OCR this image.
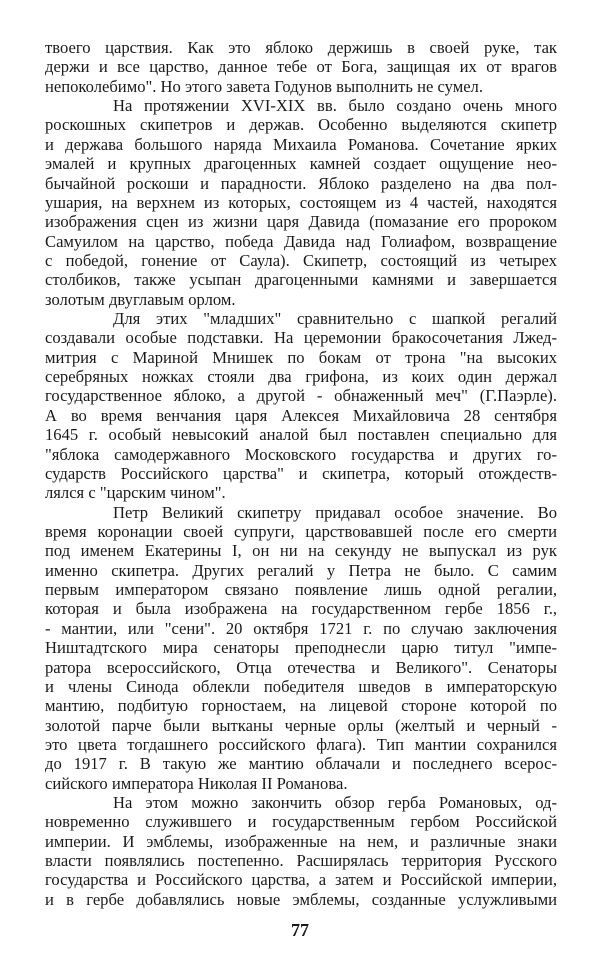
твоего царствия. Как это яблоко держишь в своей руке, так
держи и все царство, данное тебе от Бога, защищая их от врагов
непоколебимо". Но этого завета Годунов выполнить не сумел.
На протяжении XVI-XIX вв. было создано очень много
роскошных скипетров и держав. Особенно выделяются скипетр
и держава большого наряда Михаила Романова. Сочетание ярких
эмалей и крупных драгоценных камней создает ощущение нео-
бычайной роскоши и парадности. Яблоко разделено на два пол-
ушария, на верхнем из которых, состоящем из 4 частей, находятся
изображения сцен из жизни царя Давида (помазание его пророком
Самуилом на царство, победа Давида над Голиафом, возвращение
с победой, гонение от Саула). Скипетр, состоящий из четырех
столбиков, также усыпан драгоценными камнями и завершается
золотым двуглавым орлом.
Для этих "младших" сравнительно с шапкой регалий
создавали особые подставки. На церемонии бракосочетания Лжед-
митрия с Мариной Мнишек по бокам от трона "на высоких
серебряных ножках стояли два грифона, из коих один держал
государственное яблоко, а другой - обнаженный меч" (Г.Паэрле).
А во время венчания царя Алексея Михайловича 28 сентября
1645 г. особый невысокий аналой был поставлен специально для
"яблока самодержавного Московского государства и других го-
сударств Российского царства" и скипетра, который отождеств-
лялся с "царским чином".
Петр Великий скипетру придавал особое значение. Во
время коронации своей супруги, царствовавшей после его смерти
под именем Екатерины I, он ни на секунду не выпускал из рук
именно скипетра. Других регалий у Петра не было. С самим
первым императором связано появление лишь одной регалии,
которая и была изображена на государственном гербе 1856 г.,
- мантии, или "сени". 20 октября 1721 г. по случаю заключения
Ништадтского мира сенаторы преподнесли царю титул "импе-
ратора всероссийского, Отца отечества и Великого". Сенаторы
и члены Синода облекли победителя шведов в императорскую
мантию, подбитую горностаем, на лицевой стороне которой по
золотой парче были вытканы черные орлы (желтый и черный -
это цвета тогдашнего российского флага). Тип мантии сохранился
до 1917 г. В такую же мантию облачали и последнего всерос-
сийского императора Николая II Романова.
На этом можно закончить обзор герба Романовых, од-
новременно служившего и государственным гербом Российской
империи. И эмблемы, изображенные на нем, и различные знаки
власти появлялись постепенно. Расширялась территория Русского
государства и Российского царства, а затем и Российской империи,
и в гербе добавлялись новые эмблемы, созданные услужливыми
77
